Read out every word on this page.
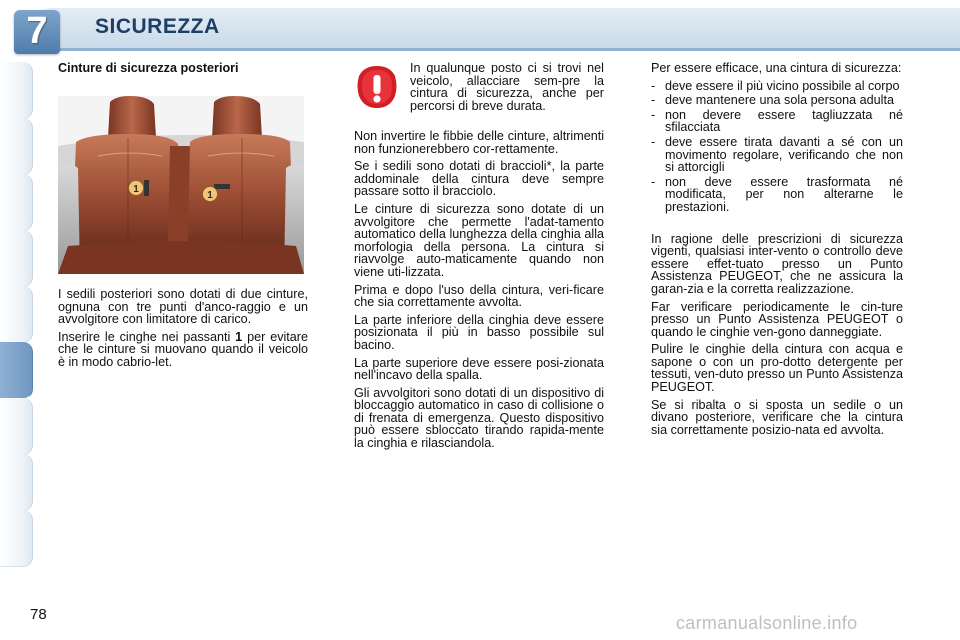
7	SICUREZZA
Cinture di sicurezza posteriori
1
1

I sedili posteriori sono dotati di due cinture, ognuna con tre punti d'anco-raggio e un avvolgitore con limitatore di carico.

Inserire le cinghe nei passanti 1 per evitare che le cinture si muovano quando il veicolo è in modo cabrio-let.

In qualunque posto ci si trovi nel veicolo, allacciare sem-pre la cintura di sicurezza, anche per percorsi di breve durata.

Non invertire le fibbie delle cinture, altrimenti non funzionerebbero cor-rettamente.

Se i sedili sono dotati di braccioli*, la parte addominale della cintura deve sempre passare sotto il bracciolo.

Le cinture di sicurezza sono dotate di un avvolgitore che permette l'adat-tamento automatico della lunghezza della cinghia alla morfologia della persona. La cintura si riavvolge auto-maticamente quando non viene uti-lizzata.

Prima e dopo l'uso della cintura, veri-ficare che sia correttamente avvolta.

La parte inferiore della cinghia deve essere posizionata il più in basso possibile sul bacino.

La parte superiore deve essere posi-zionata nell'incavo della spalla.

Gli avvolgitori sono dotati di un dispositivo di bloccaggio automatico in caso di collisione o di frenata di emergenza. Questo dispositivo può essere sbloccato tirando rapida-mente la cinghia e rilasciandola.

Per essere efficace, una cintura di sicurezza:

- deve essere il più vicino possibile al corpo
- deve mantenere una sola persona adulta
- non devere essere tagliuzzata né sfilacciata
- deve essere tirata davanti a sé con un movimento regolare, verificando che non si attorcigli
- non deve essere trasformata né modificata, per non alterarne le prestazioni.

In ragione delle prescrizioni di sicurezza vigenti, qualsiasi inter-vento o controllo deve essere effet-tuato presso un Punto Assistenza PEUGEOT, che ne assicura la garan-zia e la corretta realizzazione.

Far verificare periodicamente le cin-ture presso un Punto Assistenza PEUGEOT o quando le cinghie ven-gono danneggiate.

Pulire le cinghie della cintura con acqua e sapone o con un pro-dotto detergente per tessuti, ven-duto presso un Punto Assistenza PEUGEOT.

Se si ribalta o si sposta un sedile o un divano posteriore, verificare che la cintura sia correttamente posizio-nata ed avvolta.

78	carmanualsonline.info
